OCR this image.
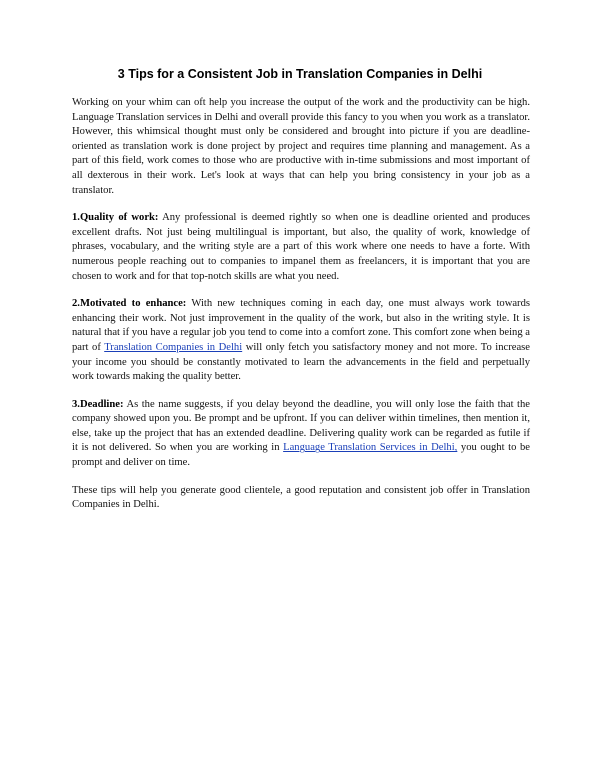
3 Tips for a Consistent Job in Translation Companies in Delhi

Working on your whim can oft help you increase the output of the work and the productivity can be high. Language Translation services in Delhi and overall provide this fancy to you when you work as a translator. However, this whimsical thought must only be considered and brought into picture if you are deadline-oriented as translation work is done project by project and requires time planning and management. As a part of this field, work comes to those who are productive with in-time submissions and most important of all dexterous in their work. Let's look at ways that can help you bring consistency in your job as a translator.

1.Quality of work: Any professional is deemed rightly so when one is deadline oriented and produces excellent drafts. Not just being multilingual is important, but also, the quality of work, knowledge of phrases, vocabulary, and the writing style are a part of this work where one needs to have a forte. With numerous people reaching out to companies to impanel them as freelancers, it is important that you are chosen to work and for that top-notch skills are what you need.

2.Motivated to enhance: With new techniques coming in each day, one must always work towards enhancing their work. Not just improvement in the quality of the work, but also in the writing style. It is natural that if you have a regular job you tend to come into a comfort zone. This comfort zone when being a part of Translation Companies in Delhi will only fetch you satisfactory money and not more. To increase your income you should be constantly motivated to learn the advancements in the field and perpetually work towards making the quality better.

3.Deadline: As the name suggests, if you delay beyond the deadline, you will only lose the faith that the company showed upon you. Be prompt and be upfront. If you can deliver within timelines, then mention it, else, take up the project that has an extended deadline. Delivering quality work can be regarded as futile if it is not delivered. So when you are working in Language Translation Services in Delhi, you ought to be prompt and deliver on time.

These tips will help you generate good clientele, a good reputation and consistent job offer in Translation Companies in Delhi.
